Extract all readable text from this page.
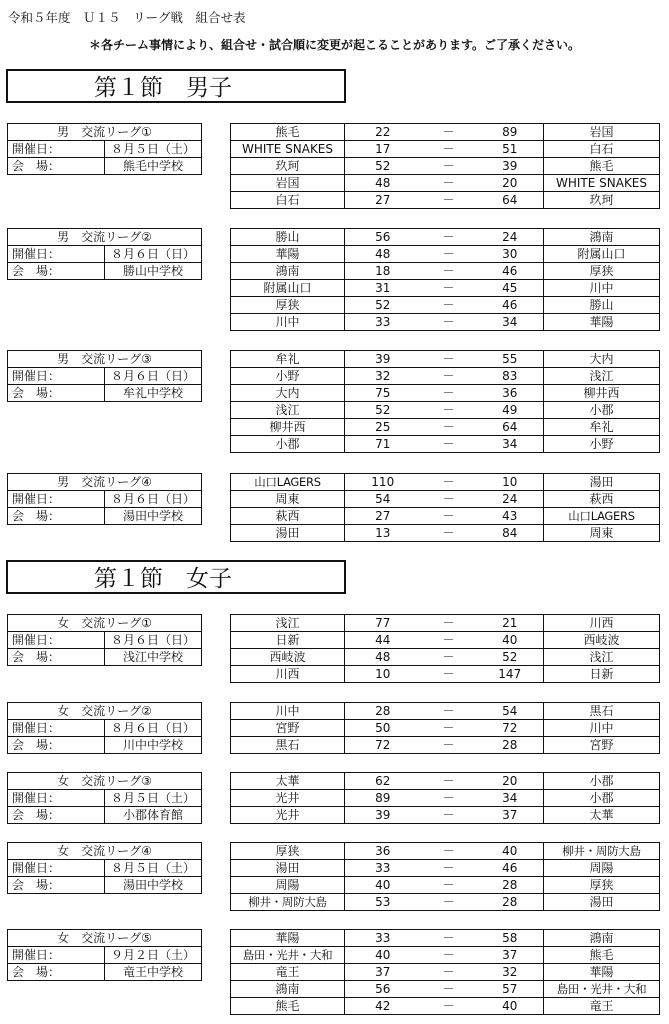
令和５年度　Ｕ１５　リーグ戦　組合せ表
＊各チーム事情により、組合せ・試合順に変更が起こることがあります。ご了承ください。
第１節　男子
男　交流リーグ①	
開催日：	８月５日（土）
会　場：	熊毛中学校
熊毛	22	－	89	岩国
WHITE SNAKES	17	－	51	白石
玖珂	52	－	39	熊毛
岩国	48	－	20	WHITE SNAKES
白石	27	－	64	玖珂
男　交流リーグ②	
開催日：	８月６日（日）
会　場：	勝山中学校
勝山	56	－	24	鴻南
華陽	48	－	30	附属山口
鴻南	18	－	46	厚狭
附属山口	31	－	45	川中
厚狭	52	－	46	勝山
川中	33	－	34	華陽
男　交流リーグ③	
開催日：	８月６日（日）
会　場：	牟礼中学校
牟礼	39	－	55	大内
小野	32	－	83	浅江
大内	75	－	36	柳井西
浅江	52	－	49	小郡
柳井西	25	－	64	牟礼
小郡	71	－	34	小野
男　交流リーグ④	
開催日：	８月６日（日）
会　場：	湯田中学校
山口LAGERS	110	－	10	湯田
周東	54	－	24	萩西
萩西	27	－	43	山口LAGERS
湯田	13	－	84	周東
第１節　女子
女　交流リーグ①	
開催日：	８月６日（日）
会　場：	浅江中学校
浅江	77	－	21	川西
日新	44	－	40	西岐波
西岐波	48	－	52	浅江
川西	10	－	147	日新
女　交流リーグ②	
開催日：	８月６日（日）
会　場：	川中中学校
川中	28	－	54	黒石
宮野	50	－	72	川中
黒石	72	－	28	宮野
女　交流リーグ③	
開催日：	８月５日（土）
会　場：	小郡体育館
太華	62	－	20	小郡
光井	89	－	34	小郡
光井	39	－	37	太華
女　交流リーグ④	
開催日：	８月５日（土）
会　場：	湯田中学校
厚狭	36	－	40	柳井・周防大島
湯田	33	－	46	周陽
周陽	40	－	28	厚狭
柳井・周防大島	53	－	28	湯田
女　交流リーグ⑤	
開催日：	９月２日（土）
会　場：	竜王中学校
華陽	33	－	58	鴻南
島田・光井・大和	40	－	37	熊毛
竜王	37	－	32	華陽
鴻南	56	－	57	島田・光井・大和
熊毛	42	－	40	竜王
